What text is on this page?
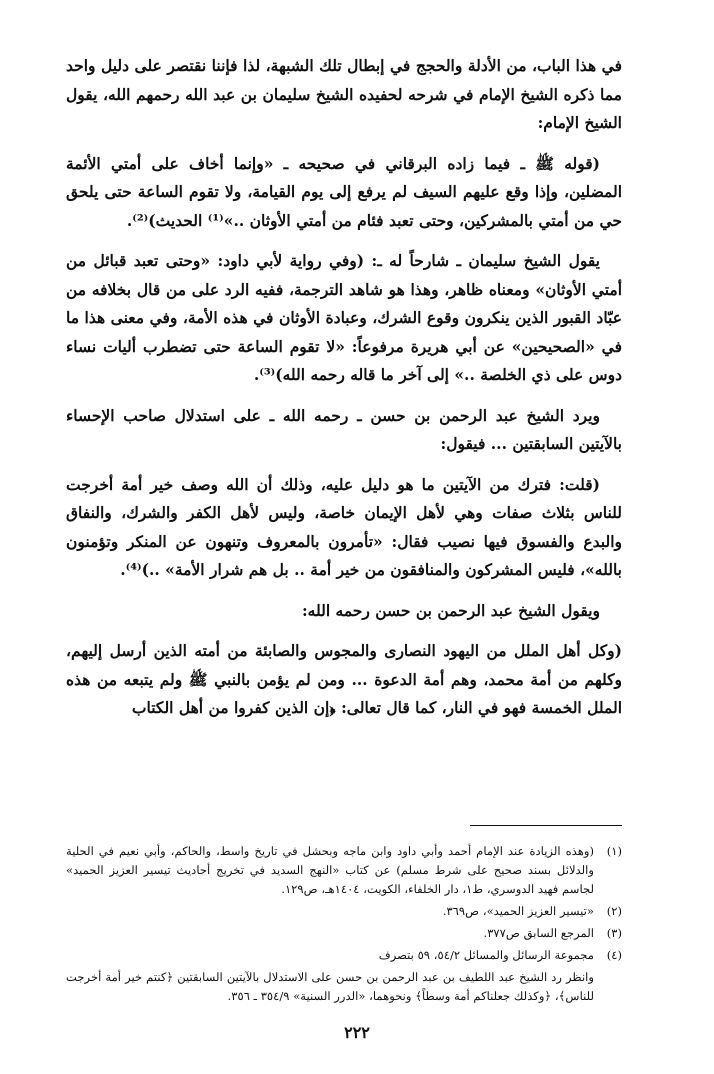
في هذا الباب، من الأدلة والحجج في إبطال تلك الشبهة، لذا فإننا نقتصر على دليل واحد مما ذكره الشيخ الإمام في شرحه لحفيده الشيخ سليمان بن عبد الله رحمهم الله، يقول الشيخ الإمام:

(قوله ﷺ ـ فيما زاده البرقاني في صحيحه ـ «وإنما أخاف على أمتي الأئمة المضلين، وإذا وقع عليهم السيف لم يرفع إلى يوم القيامة، ولا تقوم الساعة حتى يلحق حي من أمتي بالمشركين، وحتى تعبد فئام من أمتي الأوثان ..»⁽¹⁾ الحديث)⁽²⁾.

يقول الشيخ سليمان ـ شارحاً له ـ: (وفي رواية لأبي داود: «وحتى تعبد قبائل من أمتي الأوثان» ومعناه ظاهر، وهذا هو شاهد الترجمة، ففيه الرد على من قال بخلافه من عبّاد القبور الذين ينكرون وقوع الشرك، وعبادة الأوثان في هذه الأمة، وفي معنى هذا ما في «الصحيحين» عن أبي هريرة مرفوعاً: «لا تقوم الساعة حتى تضطرب أليات نساء دوس على ذي الخلصة ..» إلى آخر ما قاله رحمه الله)⁽³⁾.

ويرد الشيخ عبد الرحمن بن حسن ـ رحمه الله ـ على استدلال صاحب الإحساء بالآيتين السابقتين ... فيقول:

(قلت: فترك من الآيتين ما هو دليل عليه، وذلك أن الله وصف خير أمة أخرجت للناس بثلاث صفات وهي لأهل الإيمان خاصة، وليس لأهل الكفر والشرك، والنفاق والبدع والفسوق فيها نصيب فقال: «تأمرون بالمعروف وتنهون عن المنكر وتؤمنون بالله»، فليس المشركون والمنافقون من خير أمة .. بل هم شرار الأمة» ..)⁽⁴⁾.

ويقول الشيخ عبد الرحمن بن حسن رحمه الله:

(وكل أهل الملل من اليهود النصارى والمجوس والصابئة من أمته الذين أرسل إليهم، وكلهم من أمة محمد، وهم أمة الدعوة ... ومن لم يؤمن بالنبي ﷺ ولم يتبعه من هذه الملل الخمسة فهو في النار، كما قال تعالى: ﴿إن الذين كفروا من أهل الكتاب

(١)
(وهذه الزيادة عند الإمام أحمد وأبي داود وابن ماجه وبحشل في تاريخ واسط، والحاكم، وأبي نعيم في الحلية والدلائل بسند صحيح على شرط مسلم) عن كتاب «النهج السديد في تخريج أحاديث تيسير العزيز الحميد» لجاسم فهيد الدوسري، ط١، دار الخلفاء، الكويت، ١٤٠٤هـ، ص١٢٩.
(٢)
«تيسير العزيز الحميد»، ص٣٦٩.
(٣)
المرجع السابق ص٣٧٧.
(٤)
مجموعة الرسائل والمسائل ٥٤/٢، ٥٩ بتصرف
وانظر رد الشيخ عبد اللطيف بن عبد الرحمن بن حسن على الاستدلال بالآيتين السابقتين ﴿كنتم خير أمة أخرجت للناس﴾، ﴿وكذلك جعلناكم أمة وسطاً﴾ ونحوهما، «الدرر السنية» ٣٥٤/٩ ـ ٣٥٦.
٢٢٢
